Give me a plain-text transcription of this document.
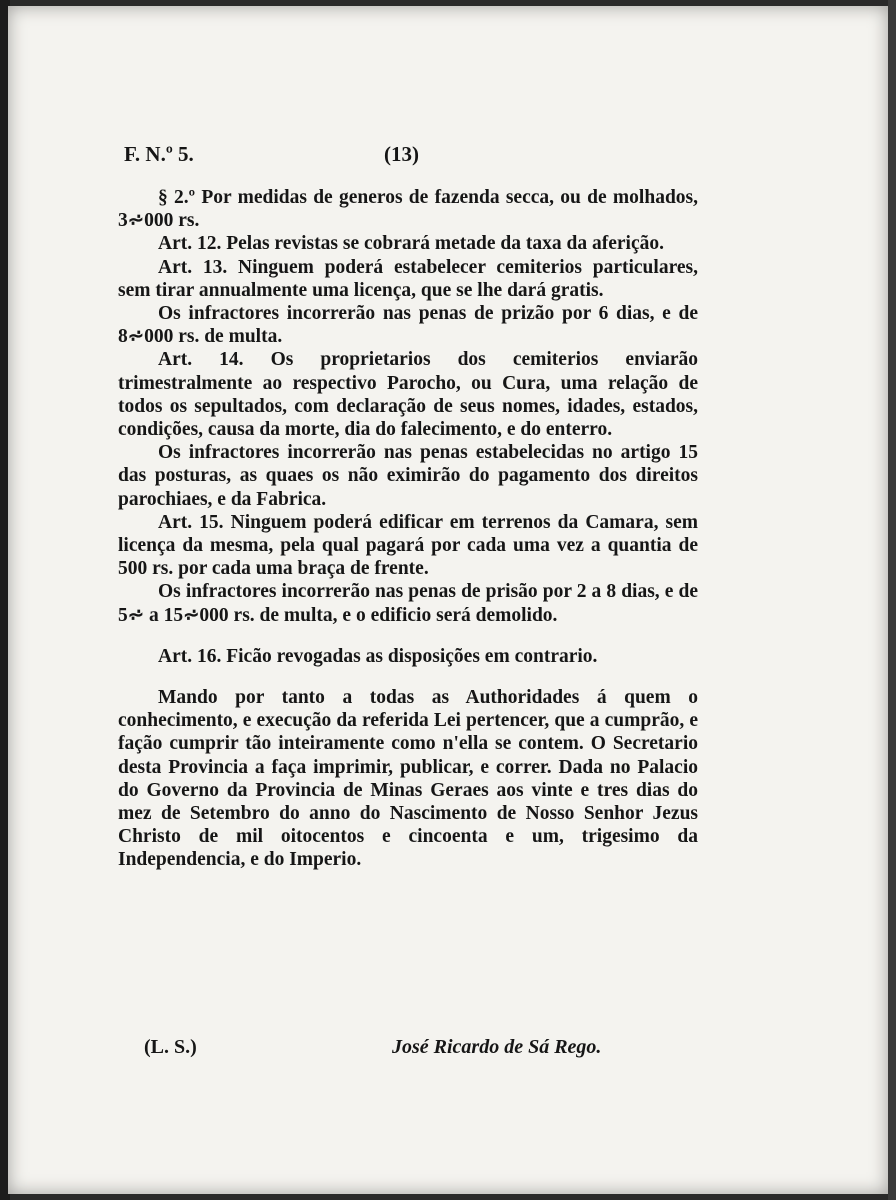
F. N.º 5.	(13)

§ 2.º Por medidas de generos de fazenda secca, ou de molhados, 3⩫000 rs.

Art. 12. Pelas revistas se cobrará metade da taxa da aferição.

Art. 13. Ninguem poderá estabelecer cemiterios particulares, sem tirar annualmente uma licença, que se lhe dará gratis.

Os infractores incorrerão nas penas de prizão por 6 dias, e de 8⩫000 rs. de multa.

Art. 14. Os proprietarios dos cemiterios enviarão trimestralmente ao respectivo Parocho, ou Cura, uma relação de todos os sepultados, com declaração de seus nomes, idades, estados, condições, causa da morte, dia do falecimento, e do enterro.

Os infractores incorrerão nas penas estabelecidas no artigo 15 das posturas, as quaes os não eximirão do pagamento dos direitos parochiaes, e da Fabrica.

Art. 15. Ninguem poderá edificar em terrenos da Camara, sem licença da mesma, pela qual pagará por cada uma vez a quantia de 500 rs. por cada uma braça de frente.

Os infractores incorrerão nas penas de prisão por 2 a 8 dias, e de 5⩫ a 15⩫000 rs. de multa, e o edificio será demolido.

Art. 16. Ficão revogadas as disposições em contrario.

Mando por tanto a todas as Authoridades á quem o conhecimento, e execução da referida Lei pertencer, que a cumprão, e fação cumprir tão inteiramente como n'ella se contem. O Secretario desta Provincia a faça imprimir, publicar, e correr. Dada no Palacio do Governo da Provincia de Minas Geraes aos vinte e tres dias do mez de Setembro do anno do Nascimento de Nosso Senhor Jezus Christo de mil oitocentos e cincoenta e um, trigesimo da Independencia, e do Imperio.

(L. S.)	José Ricardo de Sá Rego.
